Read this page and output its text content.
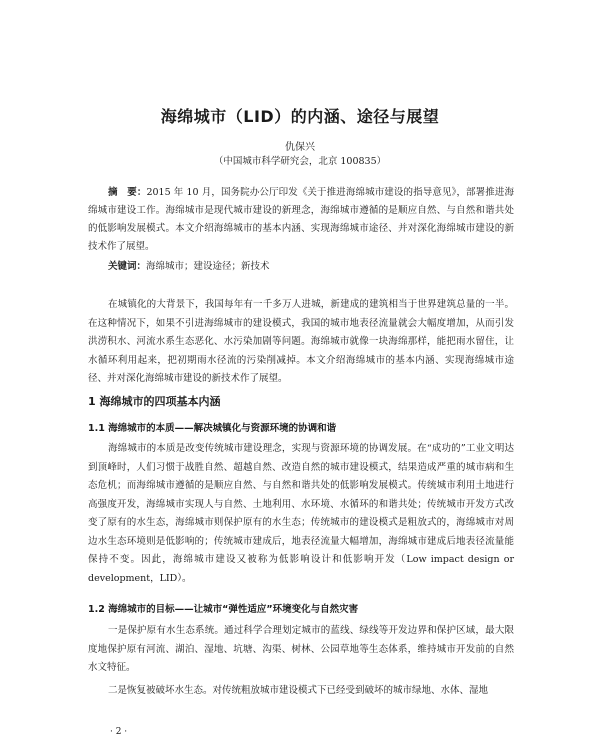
海绵城市（LID）的内涵、途径与展望
仇保兴
（中国城市科学研究会，北京 100835）
摘　要：2015 年 10 月，国务院办公厅印发《关于推进海绵城市建设的指导意见》，部署推进海绵城市建设工作。海绵城市是现代城市建设的新理念，海绵城市遵循的是顺应自然、与自然和谐共处的低影响发展模式。本文介绍海绵城市的基本内涵、实现海绵城市途径、并对深化海绵城市建设的新技术作了展望。
关键词：海绵城市；建设途径；新技术
在城镇化的大背景下，我国每年有一千多万人进城，新建成的建筑相当于世界建筑总量的一半。在这种情况下，如果不引进海绵城市的建设模式，我国的城市地表径流量就会大幅度增加，从而引发洪涝积水、河流水系生态恶化、水污染加剧等问题。海绵城市就像一块海绵那样，能把雨水留住，让水循环利用起来，把初期雨水径流的污染削减掉。本文介绍海绵城市的基本内涵、实现海绵城市途径、并对深化海绵城市建设的新技术作了展望。
1 海绵城市的四项基本内涵
1.1 海绵城市的本质——解决城镇化与资源环境的协调和谐
海绵城市的本质是改变传统城市建设理念，实现与资源环境的协调发展。在“成功的”工业文明达到顶峰时，人们习惯于战胜自然、超越自然、改造自然的城市建设模式，结果造成严重的城市病和生态危机；而海绵城市遵循的是顺应自然、与自然和谐共处的低影响发展模式。传统城市利用土地进行高强度开发，海绵城市实现人与自然、土地利用、水环境、水循环的和谐共处；传统城市开发方式改变了原有的水生态，海绵城市则保护原有的水生态；传统城市的建设模式是粗放式的，海绵城市对周边水生态环境则是低影响的；传统城市建成后，地表径流量大幅增加，海绵城市建成后地表径流量能保持不变。因此，海绵城市建设又被称为低影响设计和低影响开发（Low impact design or development，LID）。
1.2 海绵城市的目标——让城市“弹性适应”环境变化与自然灾害
一是保护原有水生态系统。通过科学合理划定城市的蓝线、绿线等开发边界和保护区域，最大限度地保护原有河流、湖泊、湿地、坑塘、沟渠、树林、公园草地等生态体系，维持城市开发前的自然水文特征。
二是恢复被破坏水生态。对传统粗放城市建设模式下已经受到破坏的城市绿地、水体、湿地
· 2 ·
